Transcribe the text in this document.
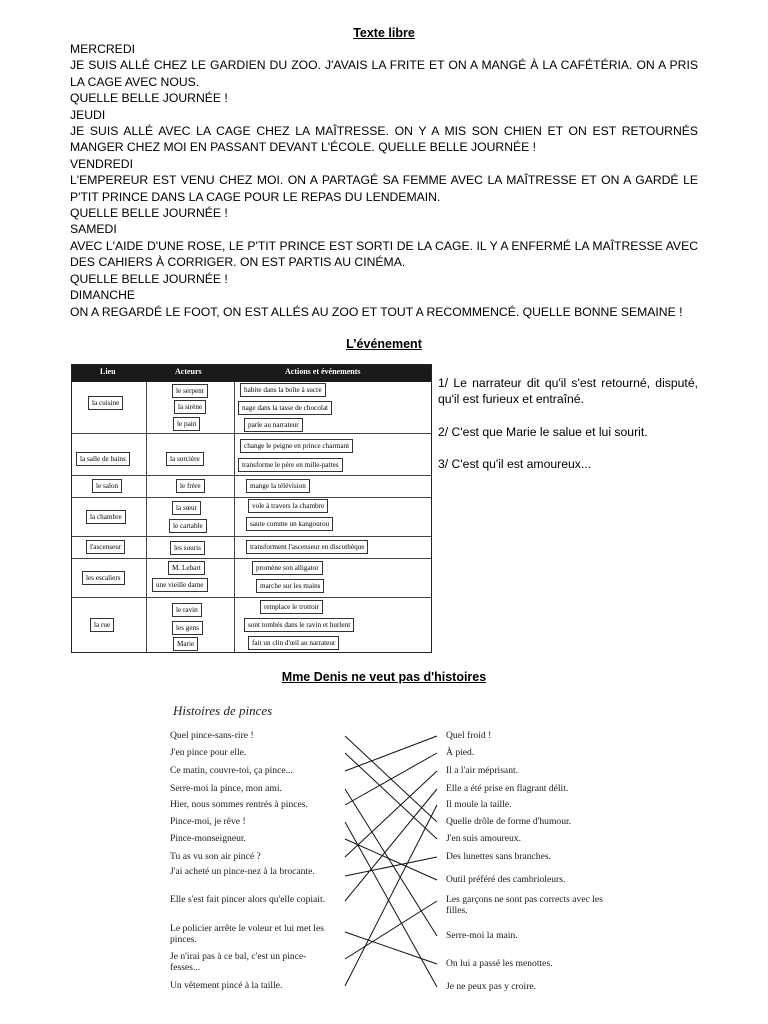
Texte libre

MERCREDI

JE SUIS ALLÉ CHEZ LE GARDIEN DU ZOO. J'AVAIS LA FRITE ET ON A MANGÉ À LA CAFÉTÉRIA. ON A PRIS LA CAGE AVEC NOUS.

QUELLE BELLE JOURNÉE !

JEUDI

JE SUIS ALLÉ AVEC LA CAGE CHEZ LA MAÎTRESSE. ON Y A MIS SON CHIEN ET ON EST RETOURNÉS MANGER CHEZ MOI EN PASSANT DEVANT L'ÉCOLE. QUELLE BELLE JOURNÉE !

VENDREDI

L'EMPEREUR EST VENU CHEZ MOI. ON A PARTAGÉ SA FEMME AVEC LA MAÎTRESSE ET ON A GARDÉ LE P'TIT PRINCE DANS LA CAGE POUR LE REPAS DU LENDEMAIN.

QUELLE BELLE JOURNÉE !

SAMEDI

AVEC L'AIDE D'UNE ROSE, LE P'TIT PRINCE EST SORTI DE LA CAGE. IL Y A ENFERMÉ LA MAÎTRESSE AVEC DES CAHIERS À CORRIGER. ON EST PARTIS AU CINÉMA.

QUELLE BELLE JOURNÉE !

DIMANCHE

ON A REGARDÉ LE FOOT, ON EST ALLÉS AU ZOO ET TOUT A RECOMMENCÉ. QUELLE BONNE SEMAINE !

L’événement
Lieu	Acteurs	Actions et événements
la cuisine
la salle de bains
le salon
la chambre
l'ascenseur
les escaliers
la rue
le serpent
la sirène
le pain
la sorcière
le frère
la sœur
le cartable
les souris
M. Lebart
une vieille dame
le ravin
les gens
Marie
habite dans la boîte à sucre
nage dans la tasse de chocolat
parle au narrateur
change le peigne en prince charmant
transforme le père en mille-pattes
mange la télévision
vole à travers la chambre
saute comme un kangourou
transforment l'ascenseur en discothèque
promène son alligator
marche sur les mains
remplace le trottoir
sont tombés dans le ravin et hurlent
fait un clin d'œil au narrateur

1/ Le narrateur dit qu'il s'est retourné, disputé, qu'il est furieux et entraîné.

2/ C'est que Marie le salue et lui sourit.

3/ C'est qu'il est amoureux...

Mme Denis ne veut pas d'histoires
Histoires de pinces
Quel pince-sans-rire !
J'en pince pour elle.
Ce matin, couvre-toi, ça pince...
Serre-moi la pince, mon ami.
Hier, nous sommes rentrés à pinces.
Pince-moi, je rêve !
Pince-monseigneur.
Tu as vu son air pincé ?
J'ai acheté un pince-nez à la brocante.
Elle s'est fait pincer alors qu'elle copiait.
Le policier arrête le voleur et lui met les pinces.
Je n'irai pas à ce bal, c'est un pince-fesses...
Un vêtement pincé à la taille.
Quel froid !
À pied.
Il a l'air méprisant.
Elle a été prise en flagrant délit.
Il moule la taille.
Quelle drôle de forme d'humour.
J'en suis amoureux.
Des lunettes sans branches.
Outil préféré des cambrioleurs.
Les garçons ne sont pas corrects avec les filles.
Serre-moi la main.
On lui a passé les menottes.
Je ne peux pas y croire.
